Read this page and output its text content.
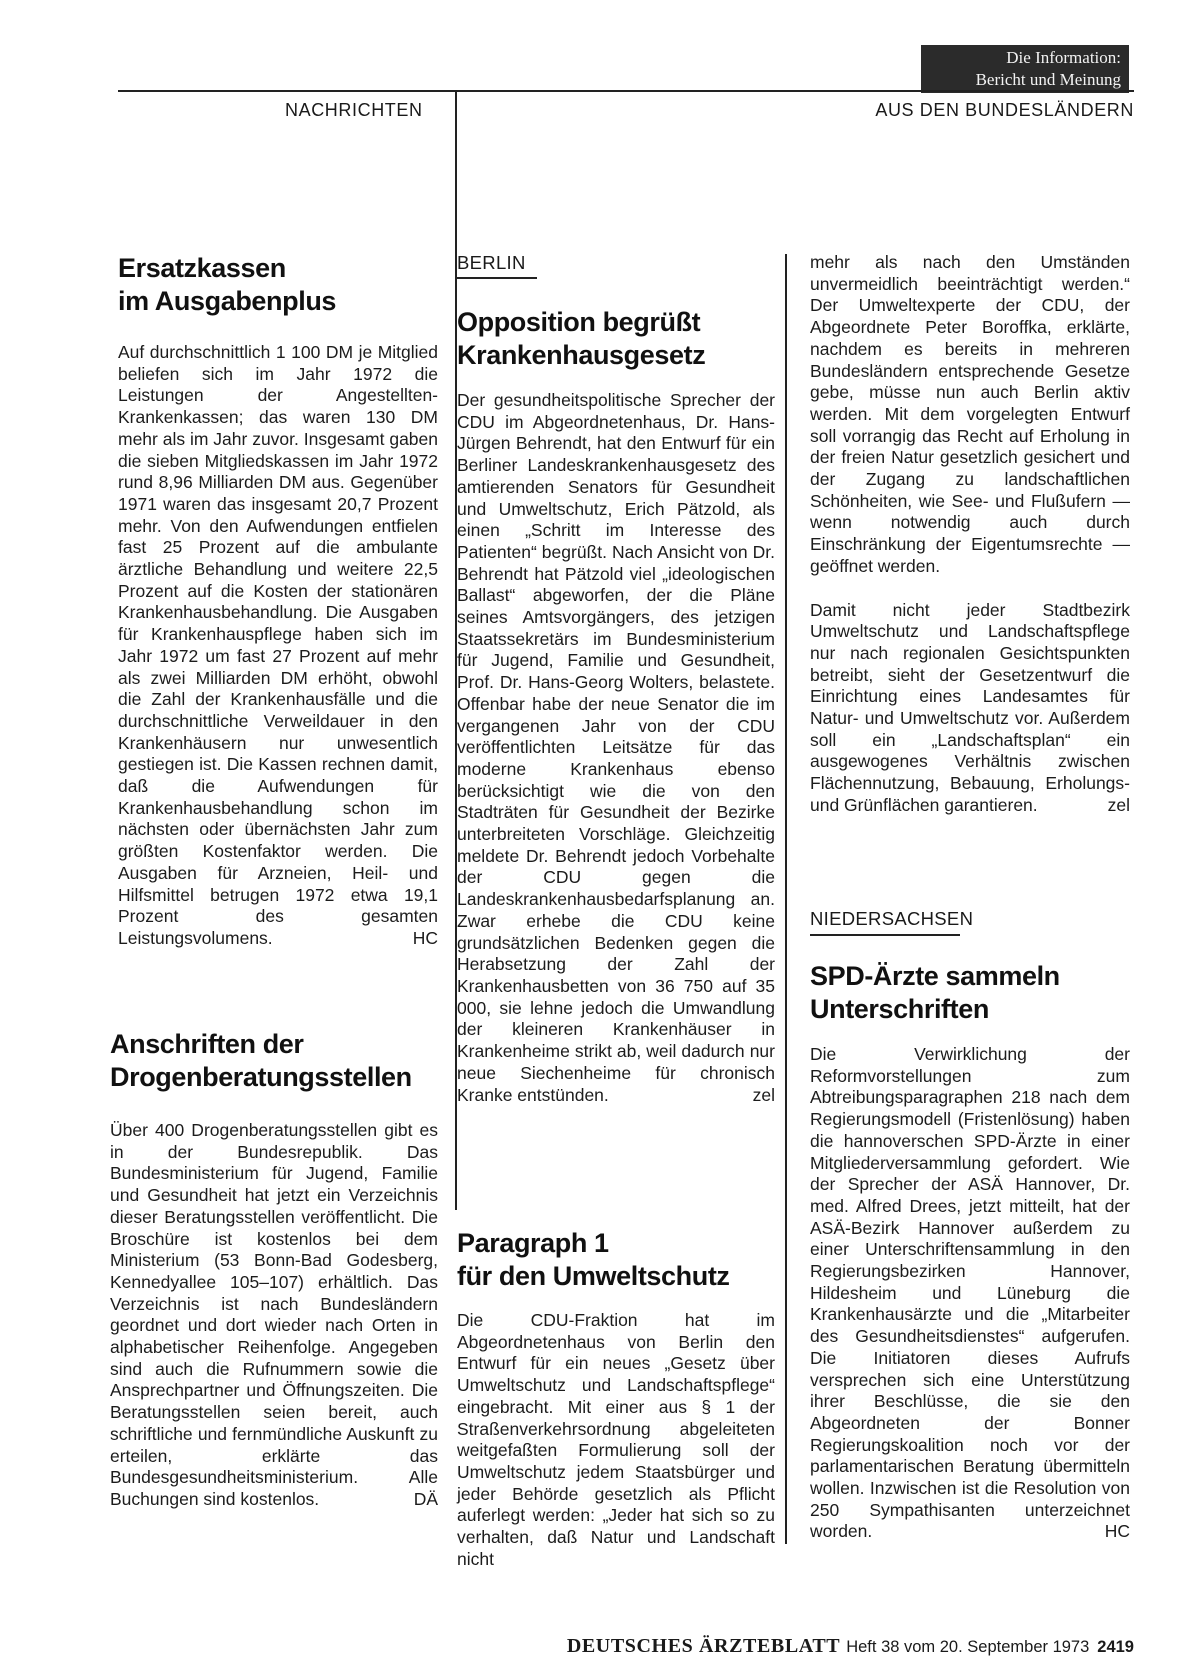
Die Information:
Bericht und Meinung
NACHRICHTEN	AUS DEN BUNDESLÄNDERN
Ersatzkassen
im Ausgabenplus

Auf durchschnittlich 1 100 DM je Mitglied beliefen sich im Jahr 1972 die Leistungen der Angestellten-Krankenkassen; das waren 130 DM mehr als im Jahr zuvor. Insgesamt gaben die sieben Mitgliedskassen im Jahr 1972 rund 8,96 Milliarden DM aus. Gegenüber 1971 waren das insgesamt 20,7 Prozent mehr. Von den Aufwendungen entfielen fast 25 Prozent auf die ambulante ärztliche Behandlung und weitere 22,5 Prozent auf die Kosten der stationären Krankenhausbehandlung. Die Ausgaben für Krankenhauspflege haben sich im Jahr 1972 um fast 27 Prozent auf mehr als zwei Milliarden DM erhöht, obwohl die Zahl der Krankenhausfälle und die durchschnittliche Verweildauer in den Krankenhäusern nur unwesentlich gestiegen ist. Die Kassen rechnen damit, daß die Aufwendungen für Krankenhausbehandlung schon im nächsten oder übernächsten Jahr zum größten Kostenfaktor werden. Die Ausgaben für Arzneien, Heil- und Hilfsmittel betrugen 1972 etwa 19,1 Prozent des gesamten Leistungsvolumens.	HC

Anschriften der
Drogenberatungsstellen

Über 400 Drogenberatungsstellen gibt es in der Bundesrepublik. Das Bundesministerium für Jugend, Familie und Gesundheit hat jetzt ein Verzeichnis dieser Beratungsstellen veröffentlicht. Die Broschüre ist kostenlos bei dem Ministerium (53 Bonn-Bad Godesberg, Kennedyallee 105–107) erhältlich. Das Verzeichnis ist nach Bundesländern geordnet und dort wieder nach Orten in alphabetischer Reihenfolge. Angegeben sind auch die Rufnummern sowie die Ansprechpartner und Öffnungszeiten. Die Beratungsstellen seien bereit, auch schriftliche und fernmündliche Auskunft zu erteilen, erklärte das Bundesgesundheitsministerium. Alle Buchungen sind kostenlos.	DÄ

BERLIN
Opposition begrüßt
Krankenhausgesetz

Der gesundheitspolitische Sprecher der CDU im Abgeordnetenhaus, Dr. Hans-Jürgen Behrendt, hat den Entwurf für ein Berliner Landeskrankenhausgesetz des amtierenden Senators für Gesundheit und Umweltschutz, Erich Pätzold, als einen „Schritt im Interesse des Patienten“ begrüßt. Nach Ansicht von Dr. Behrendt hat Pätzold viel „ideologischen Ballast“ abgeworfen, der die Pläne seines Amtsvorgängers, des jetzigen Staatssekretärs im Bundesministerium für Jugend, Familie und Gesundheit, Prof. Dr. Hans-Georg Wolters, belastete. Offenbar habe der neue Senator die im vergangenen Jahr von der CDU veröffentlichten Leitsätze für das moderne Krankenhaus ebenso berücksichtigt wie die von den Stadträten für Gesundheit der Bezirke unterbreiteten Vorschläge. Gleichzeitig meldete Dr. Behrendt jedoch Vorbehalte der CDU gegen die Landeskrankenhausbedarfsplanung an. Zwar erhebe die CDU keine grundsätzlichen Bedenken gegen die Herabsetzung der Zahl der Krankenhausbetten von 36 750 auf 35 000, sie lehne jedoch die Umwandlung der kleineren Krankenhäuser in Krankenheime strikt ab, weil dadurch nur neue Siechenheime für chronisch Kranke entstünden.	zel

Paragraph 1
für den Umweltschutz

Die CDU-Fraktion hat im Abgeordnetenhaus von Berlin den Entwurf für ein neues „Gesetz über Umweltschutz und Landschaftspflege“ eingebracht. Mit einer aus § 1 der Straßenverkehrsordnung abgeleiteten weitgefaßten Formulierung soll der Umweltschutz jedem Staatsbürger und jeder Behörde gesetzlich als Pflicht auferlegt werden: „Jeder hat sich so zu verhalten, daß Natur und Landschaft nicht

mehr als nach den Umständen unvermeidlich beeinträchtigt werden.“ Der Umweltexperte der CDU, der Abgeordnete Peter Boroffka, erklärte, nachdem es bereits in mehreren Bundesländern entsprechende Gesetze gebe, müsse nun auch Berlin aktiv werden. Mit dem vorgelegten Entwurf soll vorrangig das Recht auf Erholung in der freien Natur gesetzlich gesichert und der Zugang zu landschaftlichen Schönheiten, wie See- und Flußufern — wenn notwendig auch durch Einschränkung der Eigentumsrechte — geöffnet werden.

Damit nicht jeder Stadtbezirk Umweltschutz und Landschaftspflege nur nach regionalen Gesichtspunkten betreibt, sieht der Gesetzentwurf die Einrichtung eines Landesamtes für Natur- und Umweltschutz vor. Außerdem soll ein „Landschaftsplan“ ein ausgewogenes Verhältnis zwischen Flächennutzung, Bebauung, Erholungs- und Grünflächen garantieren.	zel

NIEDERSACHSEN
SPD-Ärzte sammeln
Unterschriften

Die Verwirklichung der Reformvorstellungen zum Abtreibungsparagraphen 218 nach dem Regierungsmodell (Fristenlösung) haben die hannoverschen SPD-Ärzte in einer Mitgliederversammlung gefordert. Wie der Sprecher der ASÄ Hannover, Dr. med. Alfred Drees, jetzt mitteilt, hat der ASÄ-Bezirk Hannover außerdem zu einer Unterschriftensammlung in den Regierungsbezirken Hannover, Hildesheim und Lüneburg die Krankenhausärzte und die „Mitarbeiter des Gesundheitsdienstes“ aufgerufen. Die Initiatoren dieses Aufrufs versprechen sich eine Unterstützung ihrer Beschlüsse, die sie den Abgeordneten der Bonner Regierungskoalition noch vor der parlamentarischen Beratung übermitteln wollen. Inzwischen ist die Resolution von 250 Sympathisanten unterzeichnet worden.	HC

DEUTSCHES ÄRZTEBLATT Heft 38 vom 20. September 1973 2419
